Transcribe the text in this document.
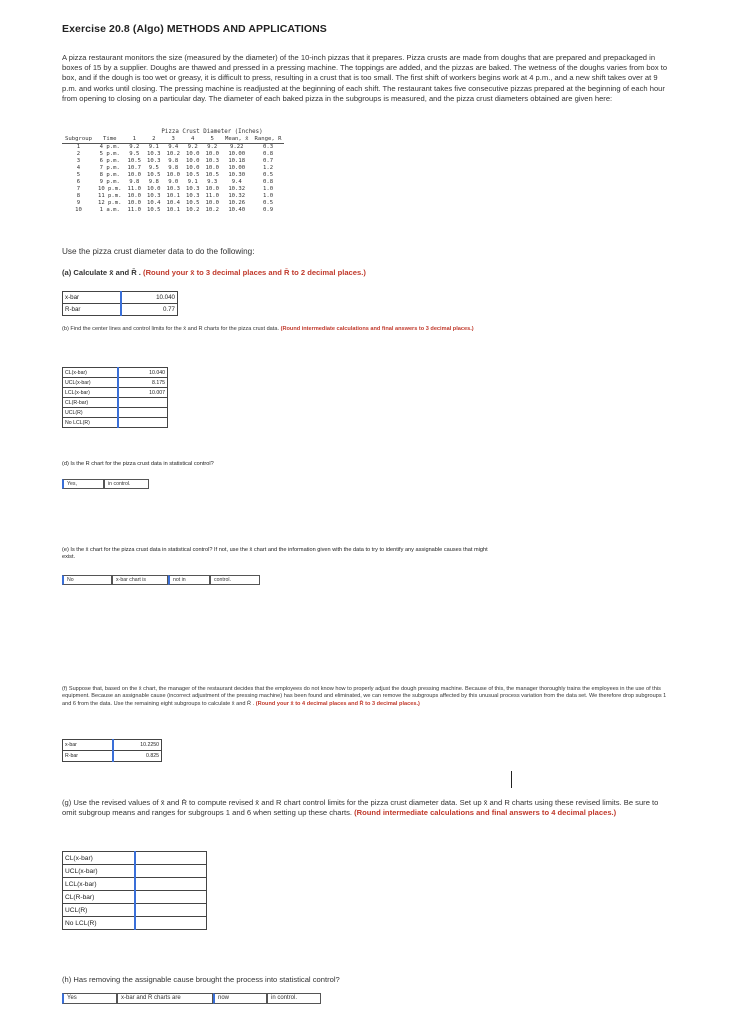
Exercise 20.8 (Algo) METHODS AND APPLICATIONS
A pizza restaurant monitors the size (measured by the diameter) of the 10-inch pizzas that it prepares. Pizza crusts are made from doughs that are prepared and prepackaged in boxes of 15 by a supplier. Doughs are thawed and pressed in a pressing machine. The toppings are added, and the pizzas are baked. The wetness of the doughs varies from box to box, and if the dough is too wet or greasy, it is difficult to press, resulting in a crust that is too small. The first shift of workers begins work at 4 p.m., and a new shift takes over at 9 p.m. and works until closing. The pressing machine is readjusted at the beginning of each shift. The restaurant takes five consecutive pizzas prepared at the beginning of each hour from opening to closing on a particular day. The diameter of each baked pizza in the subgroups is measured, and the pizza crust diameters obtained are given here:
Pizza Crust Diameter (Inches)
Subgroup	Time	1	2	3	4	5	Mean, x̄	Range, R
1	4 p.m.	9.2	9.1	9.4	9.2	9.2	9.22	0.3
2	5 p.m.	9.5	10.3	10.2	10.0	10.0	10.00	0.8
3	6 p.m.	10.5	10.3	9.8	10.0	10.3	10.18	0.7
4	7 p.m.	10.7	9.5	9.8	10.0	10.0	10.00	1.2
5	8 p.m.	10.0	10.5	10.0	10.5	10.5	10.30	0.5
6	9 p.m.	9.8	9.8	9.0	9.1	9.3	9.4	0.8
7	10 p.m.	11.0	10.0	10.3	10.3	10.0	10.32	1.0
8	11 p.m.	10.0	10.3	10.1	10.3	11.0	10.32	1.0
9	12 p.m.	10.0	10.4	10.4	10.5	10.0	10.26	0.5
10	1 a.m.	11.0	10.5	10.1	10.2	10.2	10.40	0.9
Use the pizza crust diameter data to do the following:
(a) Calculate x̄ and R̄ . (Round your x̄ to 3 decimal places and R̄ to 2 decimal places.)
x-bar	10.040
R-bar	0.77
(b) Find the center lines and control limits for the x̄ and R charts for the pizza crust data. (Round intermediate calculations and final answers to 3 decimal places.)
CL(x-bar)	10.040
UCL(x-bar)	8.175
LCL(x-bar)	10.007
CL(R-bar)	
UCL(R)	
No LCL(R)	
(d) Is the R chart for the pizza crust data in statistical control?
Yes,	in control.
(e) Is the x̄ chart for the pizza crust data in statistical control? If not, use the x̄ chart and the information given with the data to try to identify any assignable causes that might exist.
No	x-bar chart is	not in	control.
(f) Suppose that, based on the x̄ chart, the manager of the restaurant decides that the employees do not know how to properly adjust the dough pressing machine. Because of this, the manager thoroughly trains the employees in the use of this equipment. Because an assignable cause (incorrect adjustment of the pressing machine) has been found and eliminated, we can remove the subgroups affected by this unusual process variation from the data set. We therefore drop subgroups 1 and 6 from the data. Use the remaining eight subgroups to calculate x̄ and R̄ . (Round your x̄ to 4 decimal places and R̄ to 3 decimal places.)
x-bar	10.2250
R-bar	0.825
(g) Use the revised values of x̄ and R̄ to compute revised x̄ and R chart control limits for the pizza crust diameter data. Set up x̄ and R charts using these revised limits. Be sure to omit subgroup means and ranges for subgroups 1 and 6 when setting up these charts. (Round intermediate calculations and final answers to 4 decimal places.)
CL(x-bar)	
UCL(x-bar)	
LCL(x-bar)	
CL(R-bar)	
UCL(R)	
No LCL(R)	
(h) Has removing the assignable cause brought the process into statistical control?
Yes	x-bar and R charts are	now	in control.
